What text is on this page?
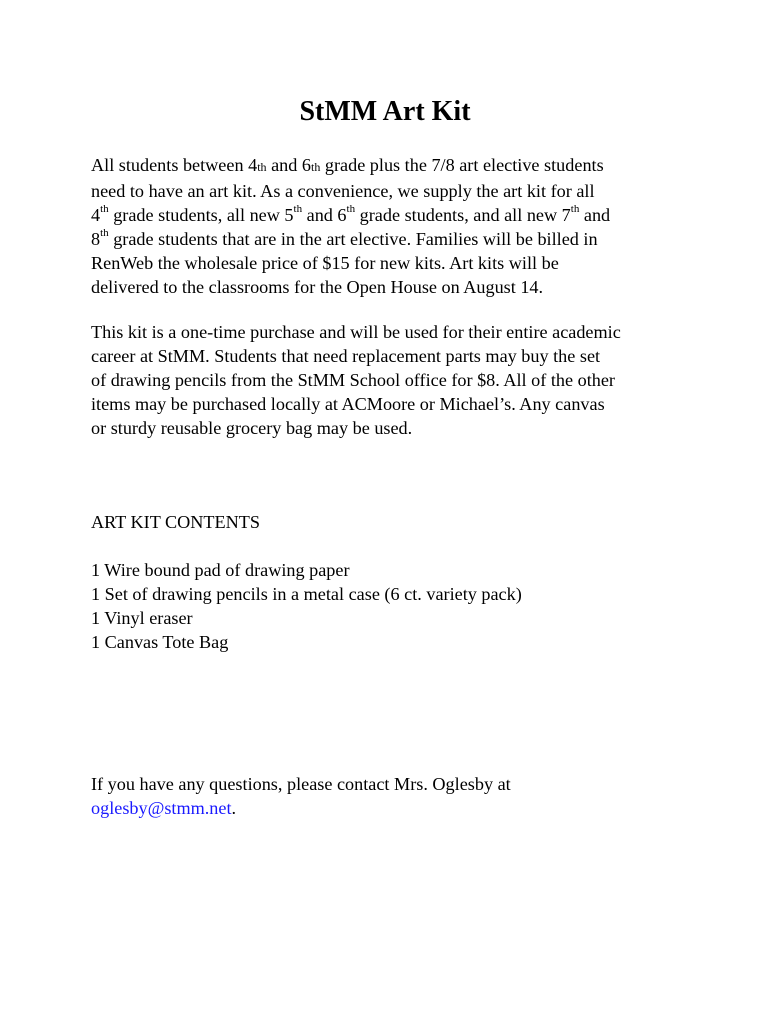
StMM Art Kit
All students between 4th and 6th grade plus the 7/8 art elective students
need to have an art kit. As a convenience, we supply the art kit for all
4th grade students, all new 5th and 6th grade students, and all new 7th and
8th grade students that are in the art elective. Families will be billed in
RenWeb the wholesale price of $15 for new kits. Art kits will be
delivered to the classrooms for the Open House on August 14.
This kit is a one-time purchase and will be used for their entire academic
career at StMM. Students that need replacement parts may buy the set
of drawing pencils from the StMM School office for $8. All of the other
items may be purchased locally at ACMoore or Michael’s. Any canvas
or sturdy reusable grocery bag may be used.
ART KIT CONTENTS
1 Wire bound pad of drawing paper
1 Set of drawing pencils in a metal case (6 ct. variety pack)
1 Vinyl eraser
1 Canvas Tote Bag
If you have any questions, please contact Mrs. Oglesby at
oglesby@stmm.net.
